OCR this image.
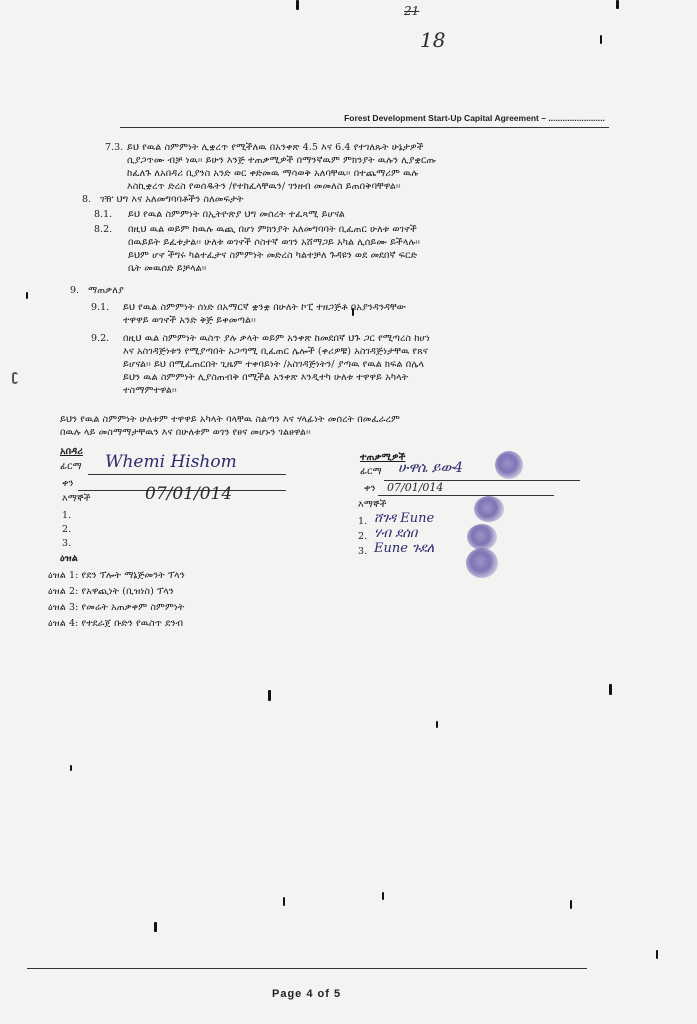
18
21
Forest Development Start-Up Capital Agreement – ........................
7.3. ይህ የዉል ስምምነት ሊቋረጥ የሚችለዉ በአንቀጽ 4.5 እና 6.4 የተገለጹት ሁኔታዎች
ሲያጋጥሙ ብቻ ነዉ፡፡ ይሁን እንጅ ተጠቃሚዎች በማንኛዉም ምክንያት ዉሉን ሊያቋርጡ
ከፈለጉ ለአበዳሪ ቢያንስ አንድ ወር ቀድመዉ ማሳወቅ አለባቸዉ፡፡ በተጨማሪም ዉሉ
እስኪቋረጥ ድረስ የወሰዱትን /የተከፈላቸዉን/ ገንዘብ መመለስ ይጠበቅባቸዋል፡፡
8. ገዥ ህግ እና አለመግባባቶችን ስለመፍታት
8.1. ይህ የዉል ስምምነት በኢትዮጵያ ህግ መሰረት ተፈጻሚ ይሆናል
8.2. በዚህ ዉል ወይም ከዉሉ ዉጪ በሆነ ምክንያት አለመግባባት ቢፈጠር ሁለቱ ወገኖች
በዉይይት ይፈቱታል፡፡ ሁለቱ ወገኖች ሶስተኛ ወገን አሸማጋይ አካል ሊሰይሙ ይችላሉ፡፡
ይህም ሆኖ ችግሩ ካልተፈታና ስምምነት መድረስ ካልተቻለ ጉዳዩን ወደ መደበኛ ፍርድ
ቤት መዉሰድ ይቻላል፡፡
9. ማጠቃለያ
9.1. ይህ የዉል ስምምነት ሰነድ በአማርኛ ቋንቋ በሁለት ኮፒ ተዘጋጅቶ በአያንዳንዳቸው
ተዋዋይ ወገኖች አንድ ቅጅ ይቀመጣል፡፡
9.2. በዚህ ዉል ስምምነት ዉስጥ ያሉ ቃላት ወይም አንቀጽ ከመደበኛ ህጉ ጋር የሚጣረስ ከሆነ
እና አስገዳጅነቱን የሚያጣበት አጋጣሚ ቢፈጠር ሌሎች (ቀሪዎቹ) አስገዳጅነታቸዉ የጸና
ይሆናል፡፡ ይህ በሚፈጠርበት ጊዜም ተቀባይነት /አስገዳጅነትን/ ያጣዉ የዉል ክፍል በሌላ
ይህን ዉል ስምምነት ሊያስጠብቅ በሚችል አንቀጽ እንዲተካ ሁለቱ ተዋዋይ አካላት
ተስማምተዋል፡፡
ይህን የዉል ስምምነት ሁለቱም ተዋዋይ አካላት ባላቸዉ ስልጣን እና ሃላፊነት መሰረት በመፈራረም
በዉሉ ላይ መስማማታቸዉን እና በሁለቱም ወገን የፀና መሆኑን ገልፀዋል፡፡
አበዳሪ
ፊርማ Whemi Hishom
ቀን
እማኞች	07/01/014
1.
2.
3.
ተጠቃሚዎች
ፊርማ ሁዋሴ ይው4
ቀን 07/01/014
እማኞች
1. ሸገዳ Eune
2. ሃብ ደሰበ
3. Eune ጉደለ
ዕዝል
ዕዝል 1: የደን ፕሎት ማኔጅመንት ፕላን
ዕዝል 2: የአዋጪነት (ቢዝነስ) ፕላን
ዕዝል 3: የመሬት አጠቃቀም ስምምነት
ዕዝል 4: የተደራጀ ቡድን የዉስጥ ደንብ
Page 4 of 5
